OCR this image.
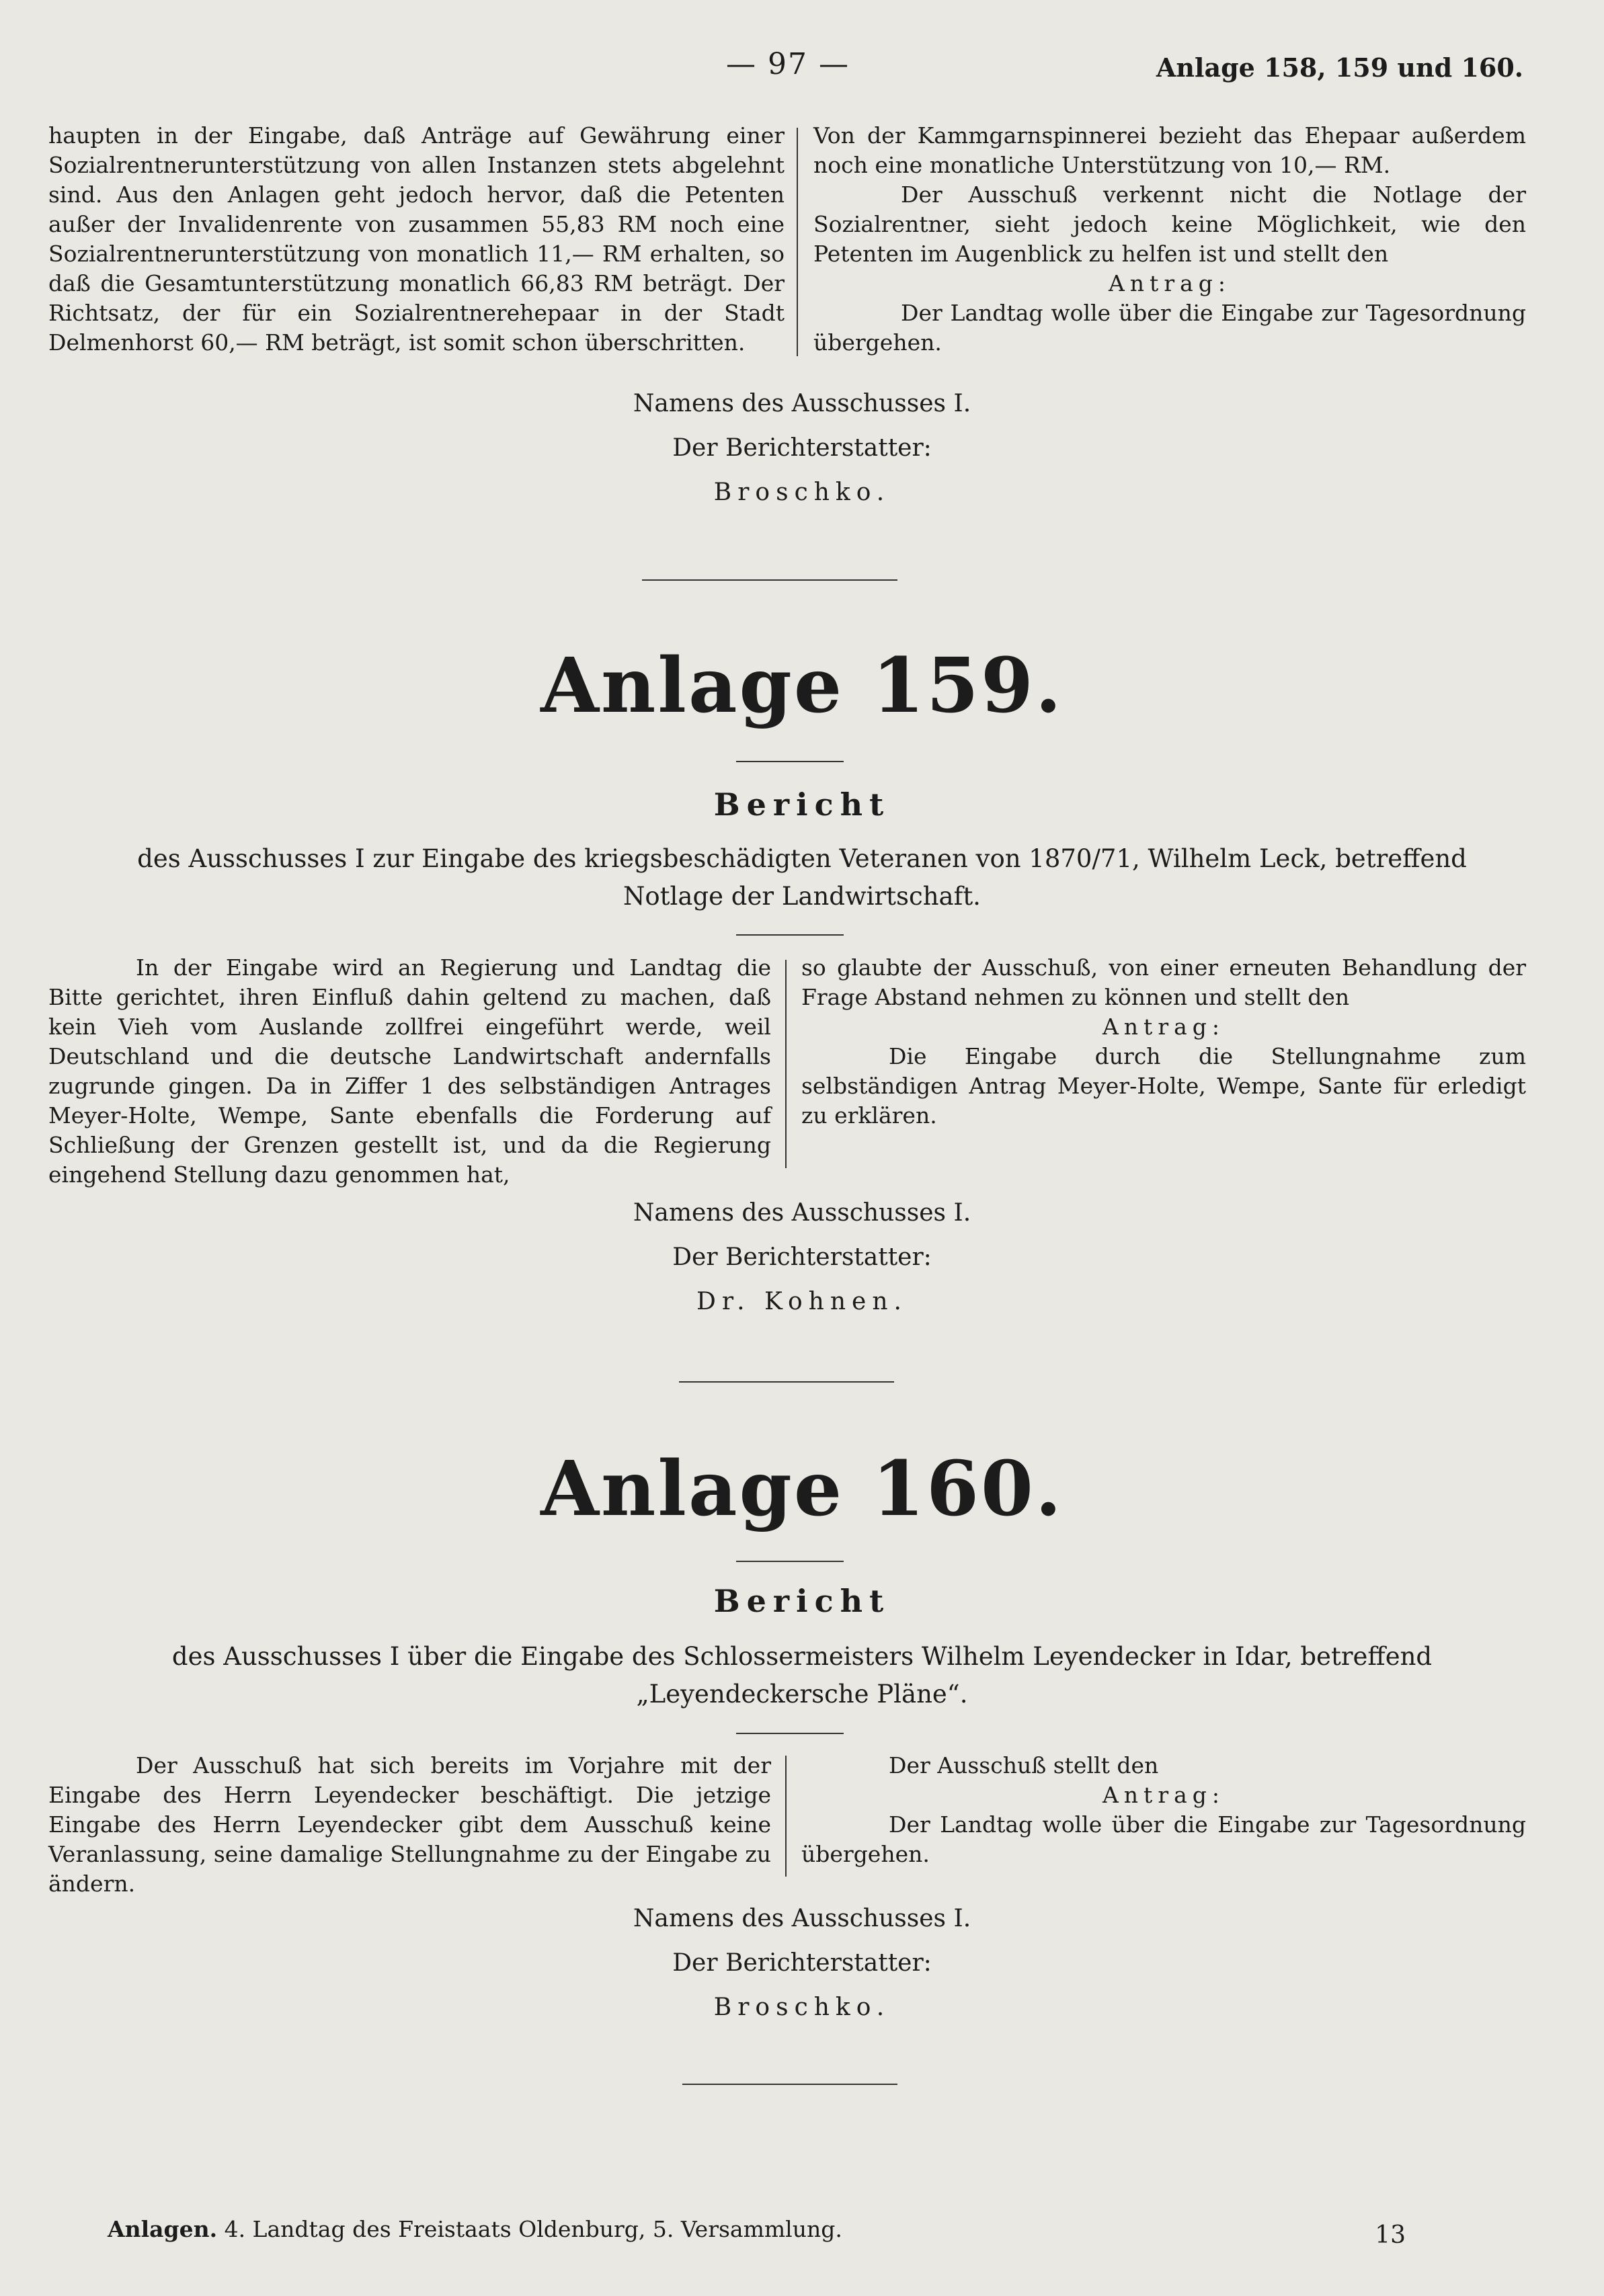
— 97 —	Anlage 158, 159 und 160.

haupten in der Eingabe, daß Anträge auf Gewährung einer Sozialrentnerunterstützung von allen Instanzen stets abgelehnt sind. Aus den Anlagen geht jedoch hervor, daß die Petenten außer der Invalidenrente von zusammen 55,83 RM noch eine Sozialrentnerunterstützung von monatlich 11,— RM erhalten, so daß die Gesamtunterstützung monatlich 66,83 RM beträgt. Der Richtsatz, der für ein Sozialrentnerehepaar in der Stadt Delmenhorst 60,— RM beträgt, ist somit schon überschritten.

Von der Kammgarnspinnerei bezieht das Ehepaar außerdem noch eine monatliche Unterstützung von 10,— RM.

Der Ausschuß verkennt nicht die Notlage der Sozialrentner, sieht jedoch keine Möglichkeit, wie den Petenten im Augenblick zu helfen ist und stellt den

Antrag:

Der Landtag wolle über die Eingabe zur Tagesordnung übergehen.

Namens des Ausschusses I.
Der Berichterstatter:
Broschko.
Anlage 159.
Bericht
des Ausschusses I zur Eingabe des kriegsbeschädigten Veteranen von 1870/71, Wilhelm Leck, betreffend
Notlage der Landwirtschaft.

In der Eingabe wird an Regierung und Landtag die Bitte gerichtet, ihren Einfluß dahin geltend zu machen, daß kein Vieh vom Auslande zollfrei eingeführt werde, weil Deutschland und die deutsche Landwirtschaft andernfalls zugrunde gingen. Da in Ziffer 1 des selbständigen Antrages Meyer-Holte, Wempe, Sante ebenfalls die Forderung auf Schließung der Grenzen gestellt ist, und da die Regierung eingehend Stellung dazu genommen hat,

so glaubte der Ausschuß, von einer erneuten Behandlung der Frage Abstand nehmen zu können und stellt den

Antrag:

Die Eingabe durch die Stellungnahme zum selbständigen Antrag Meyer-Holte, Wempe, Sante für erledigt zu erklären.

Namens des Ausschusses I.
Der Berichterstatter:
Dr. Kohnen.
Anlage 160.
Bericht
des Ausschusses I über die Eingabe des Schlossermeisters Wilhelm Leyendecker in Idar, betreffend
„Leyendeckersche Pläne“.

Der Ausschuß hat sich bereits im Vorjahre mit der Eingabe des Herrn Leyendecker beschäftigt. Die jetzige Eingabe des Herrn Leyendecker gibt dem Ausschuß keine Veranlassung, seine damalige Stellungnahme zu der Eingabe zu ändern.

Der Ausschuß stellt den

Antrag:

Der Landtag wolle über die Eingabe zur Tagesordnung übergehen.

Namens des Ausschusses I.
Der Berichterstatter:
Broschko.
Anlagen. 4. Landtag des Freistaats Oldenburg, 5. Versammlung.	13
